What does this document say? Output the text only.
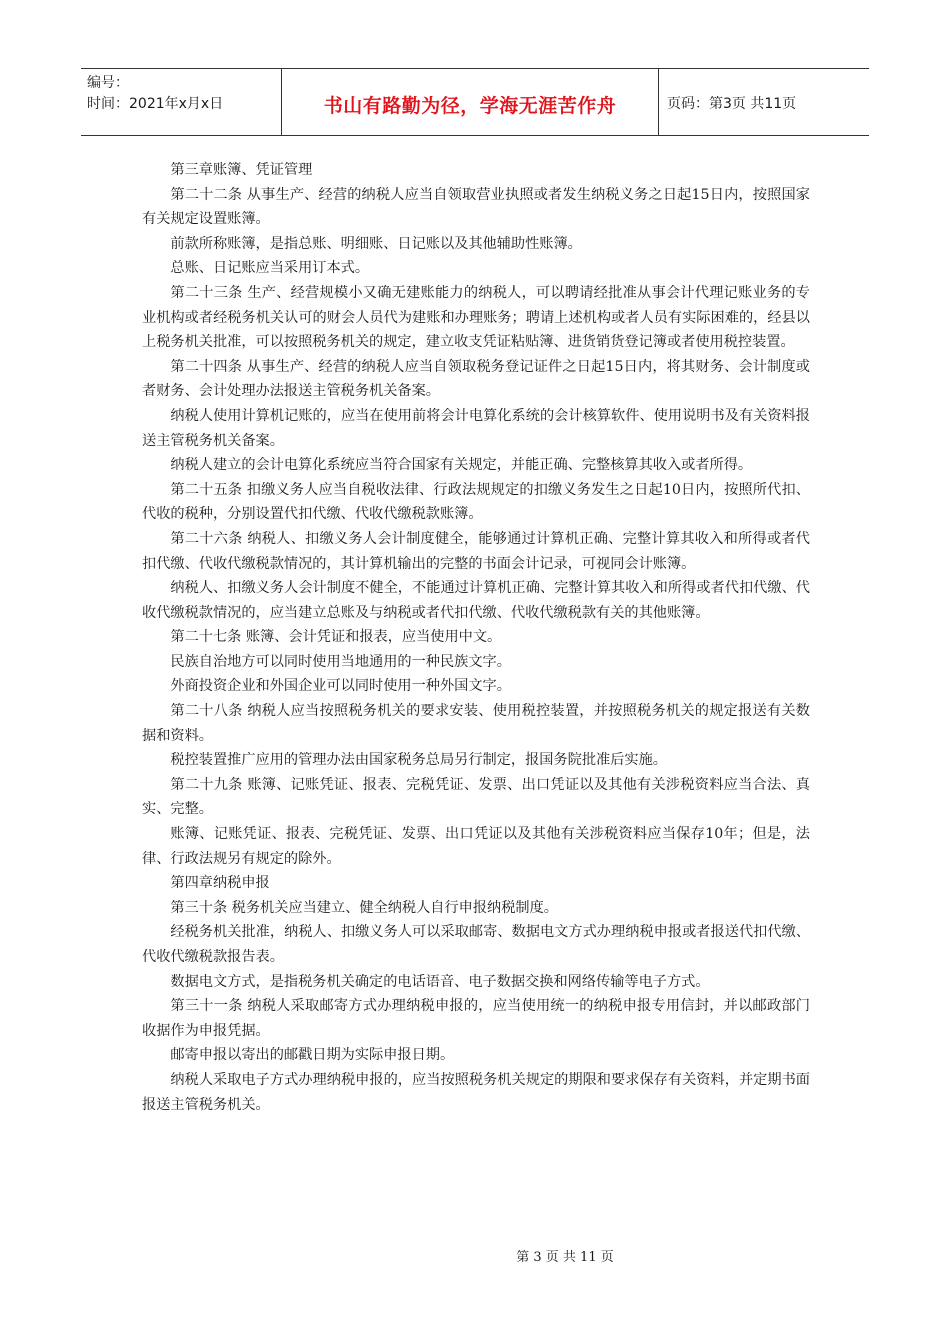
编号：
时间：2021年x月x日	书山有路勤为径，学海无涯苦作舟	页码：第3页 共11页

第三章账簿、凭证管理

第二十二条 从事生产、经营的纳税人应当自领取营业执照或者发生纳税义务之日起15日内，按照国家有关规定设置账簿。

前款所称账簿，是指总账、明细账、日记账以及其他辅助性账簿。

总账、日记账应当采用订本式。

第二十三条 生产、经营规模小又确无建账能力的纳税人，可以聘请经批准从事会计代理记账业务的专业机构或者经税务机关认可的财会人员代为建账和办理账务；聘请上述机构或者人员有实际困难的，经县以上税务机关批准，可以按照税务机关的规定，建立收支凭证粘贴簿、进货销货登记簿或者使用税控装置。

第二十四条 从事生产、经营的纳税人应当自领取税务登记证件之日起15日内，将其财务、会计制度或者财务、会计处理办法报送主管税务机关备案。

纳税人使用计算机记账的，应当在使用前将会计电算化系统的会计核算软件、使用说明书及有关资料报送主管税务机关备案。

纳税人建立的会计电算化系统应当符合国家有关规定，并能正确、完整核算其收入或者所得。

第二十五条 扣缴义务人应当自税收法律、行政法规规定的扣缴义务发生之日起10日内，按照所代扣、代收的税种，分别设置代扣代缴、代收代缴税款账簿。

第二十六条 纳税人、扣缴义务人会计制度健全，能够通过计算机正确、完整计算其收入和所得或者代扣代缴、代收代缴税款情况的，其计算机输出的完整的书面会计记录，可视同会计账簿。

纳税人、扣缴义务人会计制度不健全，不能通过计算机正确、完整计算其收入和所得或者代扣代缴、代收代缴税款情况的，应当建立总账及与纳税或者代扣代缴、代收代缴税款有关的其他账簿。

第二十七条 账簿、会计凭证和报表，应当使用中文。

民族自治地方可以同时使用当地通用的一种民族文字。

外商投资企业和外国企业可以同时使用一种外国文字。

第二十八条 纳税人应当按照税务机关的要求安装、使用税控装置，并按照税务机关的规定报送有关数据和资料。

税控装置推广应用的管理办法由国家税务总局另行制定，报国务院批准后实施。

第二十九条 账簿、记账凭证、报表、完税凭证、发票、出口凭证以及其他有关涉税资料应当合法、真实、完整。

账簿、记账凭证、报表、完税凭证、发票、出口凭证以及其他有关涉税资料应当保存10年；但是，法律、行政法规另有规定的除外。

第四章纳税申报

第三十条 税务机关应当建立、健全纳税人自行申报纳税制度。

经税务机关批准，纳税人、扣缴义务人可以采取邮寄、数据电文方式办理纳税申报或者报送代扣代缴、代收代缴税款报告表。

数据电文方式，是指税务机关确定的电话语音、电子数据交换和网络传输等电子方式。

第三十一条 纳税人采取邮寄方式办理纳税申报的，应当使用统一的纳税申报专用信封，并以邮政部门收据作为申报凭据。

邮寄申报以寄出的邮戳日期为实际申报日期。

纳税人采取电子方式办理纳税申报的，应当按照税务机关规定的期限和要求保存有关资料，并定期书面报送主管税务机关。

第 3 页 共 11 页
